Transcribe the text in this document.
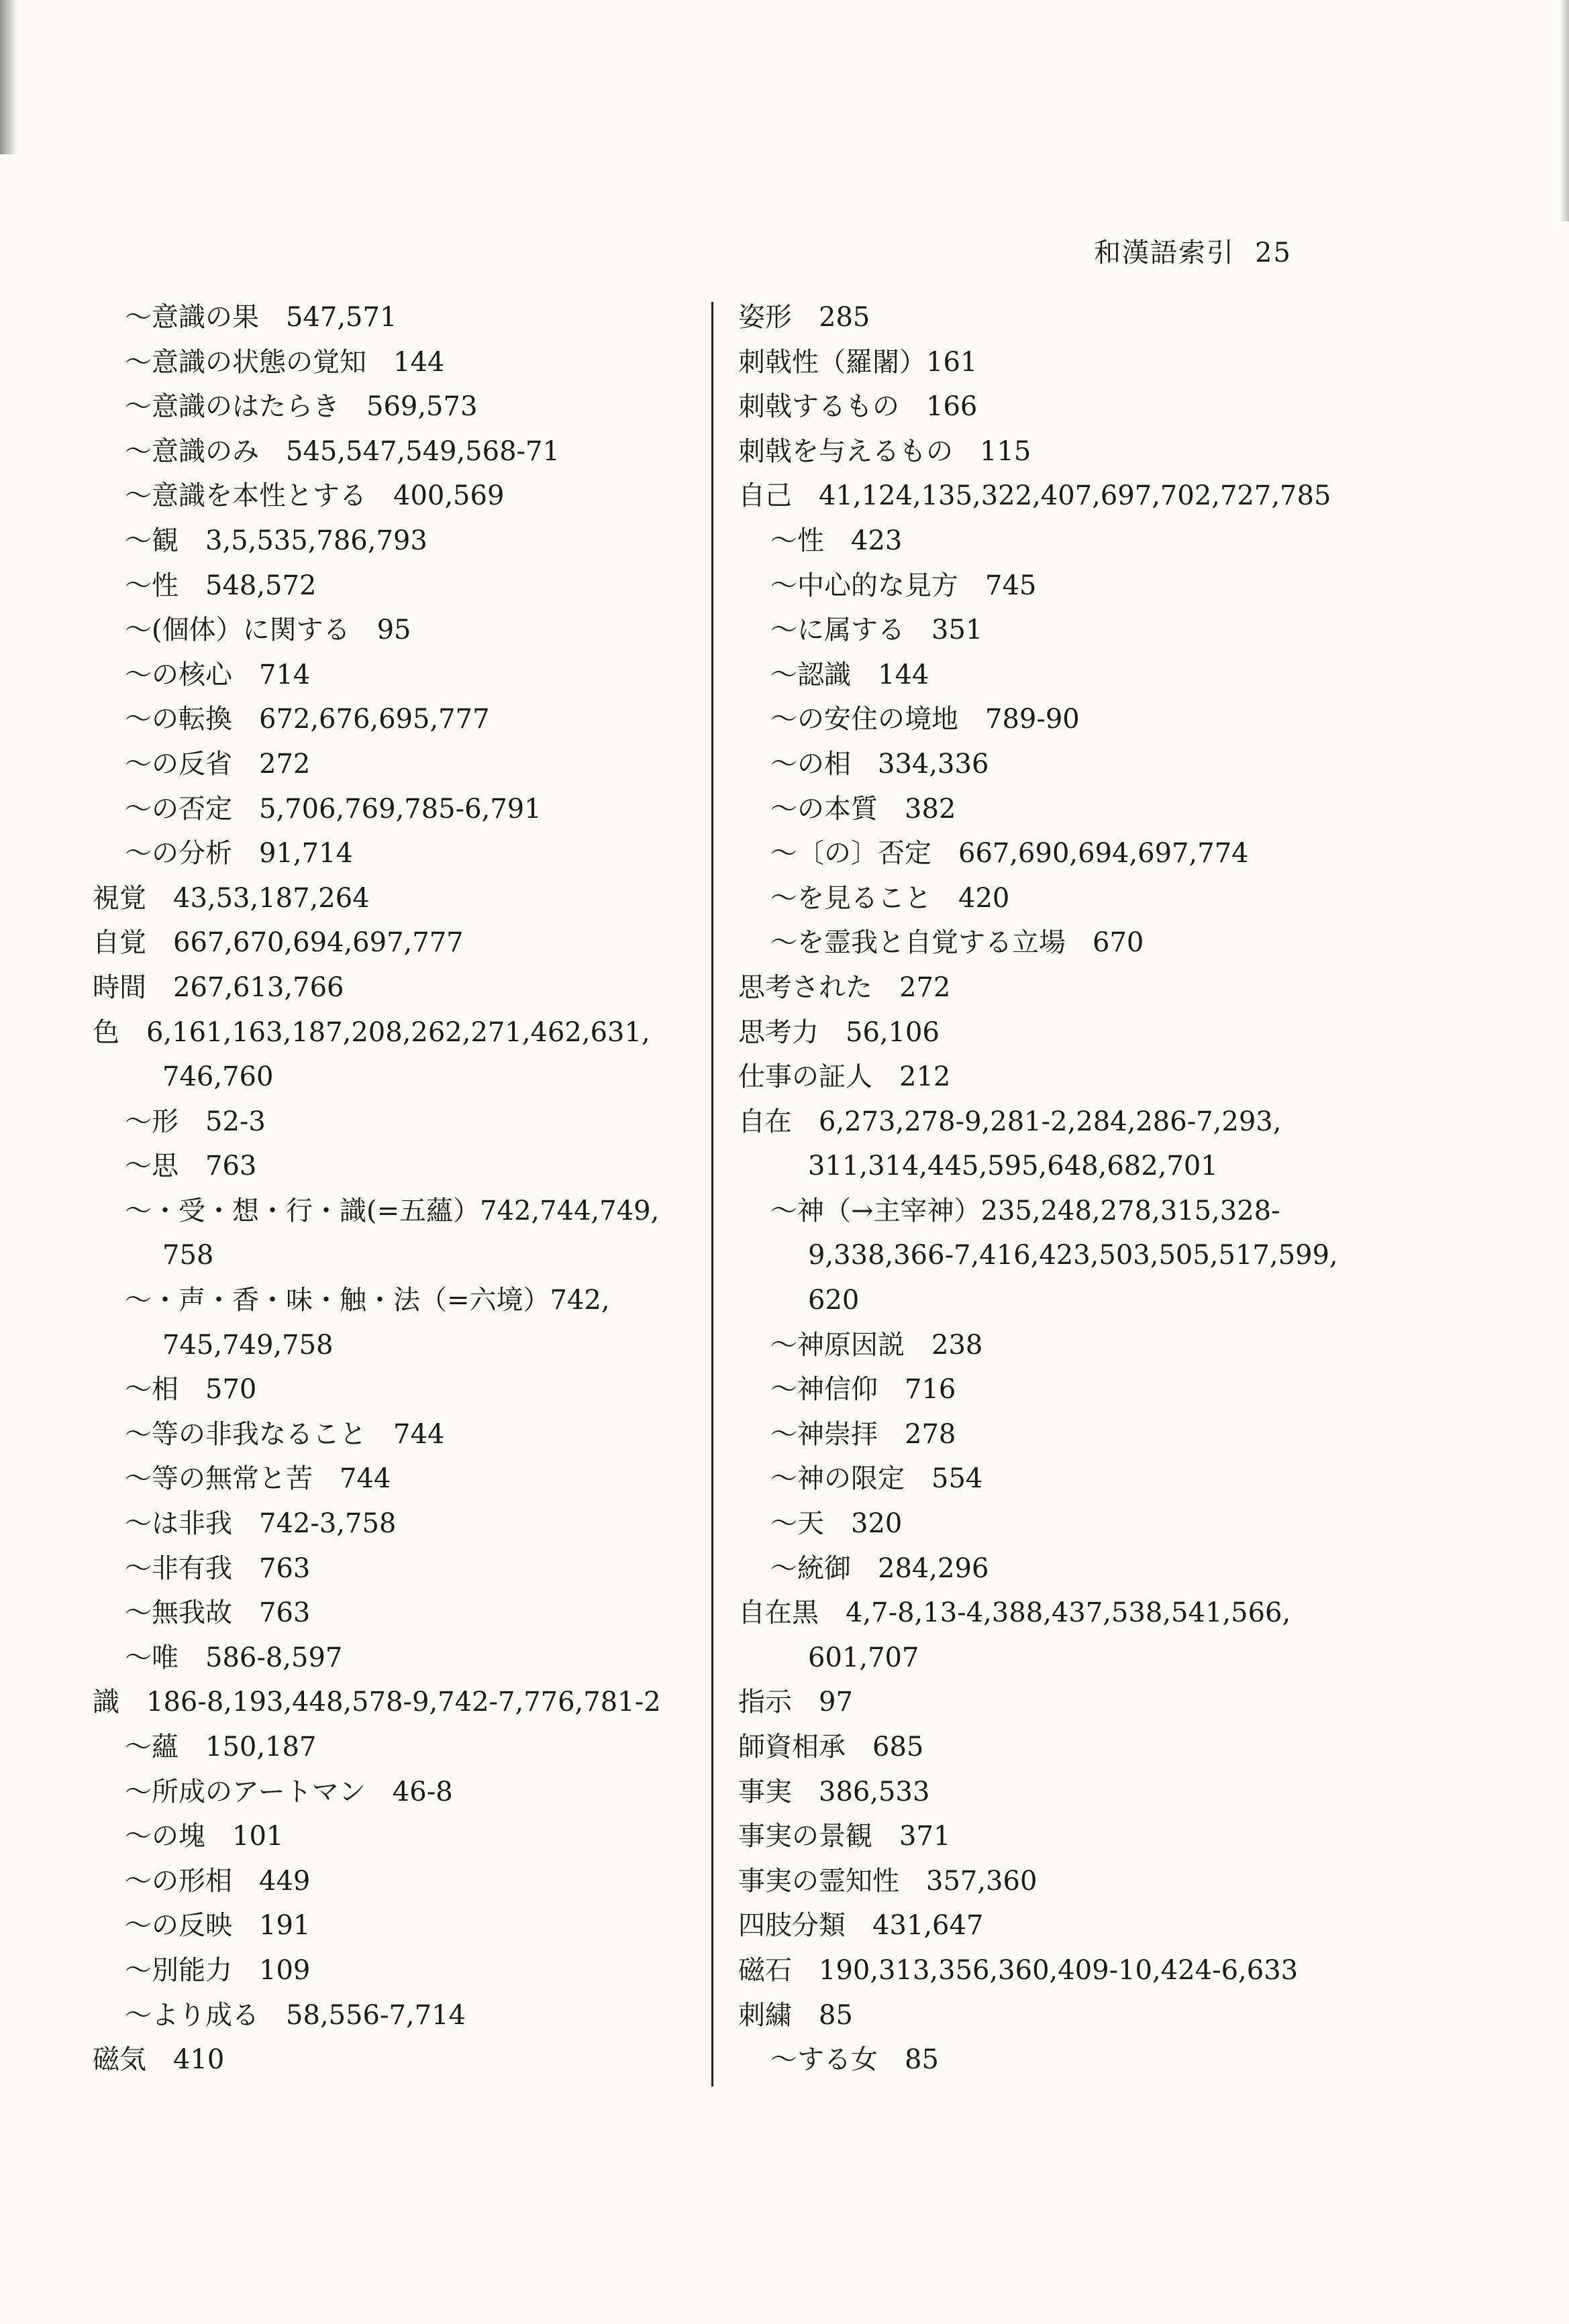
和漢語索引 25
～意識の果　547,571
～意識の状態の覚知　144
～意識のはたらき　569,573
～意識のみ　545,547,549,568-71
～意識を本性とする　400,569
～観　3,5,535,786,793
～性　548,572
～(個体）に関する　95
～の核心　714
～の転換　672,676,695,777
～の反省　272
～の否定　5,706,769,785-6,791
～の分析　91,714
視覚　43,53,187,264
自覚　667,670,694,697,777
時間　267,613,766
色　6,161,163,187,208,262,271,462,631,
746,760
～形　52-3
～思　763
～・受・想・行・識(=五蘊）742,744,749,
758
～・声・香・味・触・法（=六境）742,
745,749,758
～相　570
～等の非我なること　744
～等の無常と苦　744
～は非我　742-3,758
～非有我　763
～無我故　763
～唯　586-8,597
識　186-8,193,448,578-9,742-7,776,781-2
～蘊　150,187
～所成のアートマン　46-8
～の塊　101
～の形相　449
～の反映　191
～別能力　109
～より成る　58,556-7,714
磁気　410
姿形　285
刺戟性（羅闍）161
刺戟するもの　166
刺戟を与えるもの　115
自己　41,124,135,322,407,697,702,727,785
～性　423
～中心的な見方　745
～に属する　351
～認識　144
～の安住の境地　789-90
～の相　334,336
～の本質　382
～〔の〕否定　667,690,694,697,774
～を見ること　420
～を霊我と自覚する立場　670
思考された　272
思考力　56,106
仕事の証人　212
自在　6,273,278-9,281-2,284,286-7,293,
311,314,445,595,648,682,701
～神（→主宰神）235,248,278,315,328-
9,338,366-7,416,423,503,505,517,599,
620
～神原因説　238
～神信仰　716
～神崇拝　278
～神の限定　554
～天　320
～統御　284,296
自在黒　4,7-8,13-4,388,437,538,541,566,
601,707
指示　97
師資相承　685
事実　386,533
事実の景観　371
事実の霊知性　357,360
四肢分類　431,647
磁石　190,313,356,360,409-10,424-6,633
刺繍　85
～する女　85
